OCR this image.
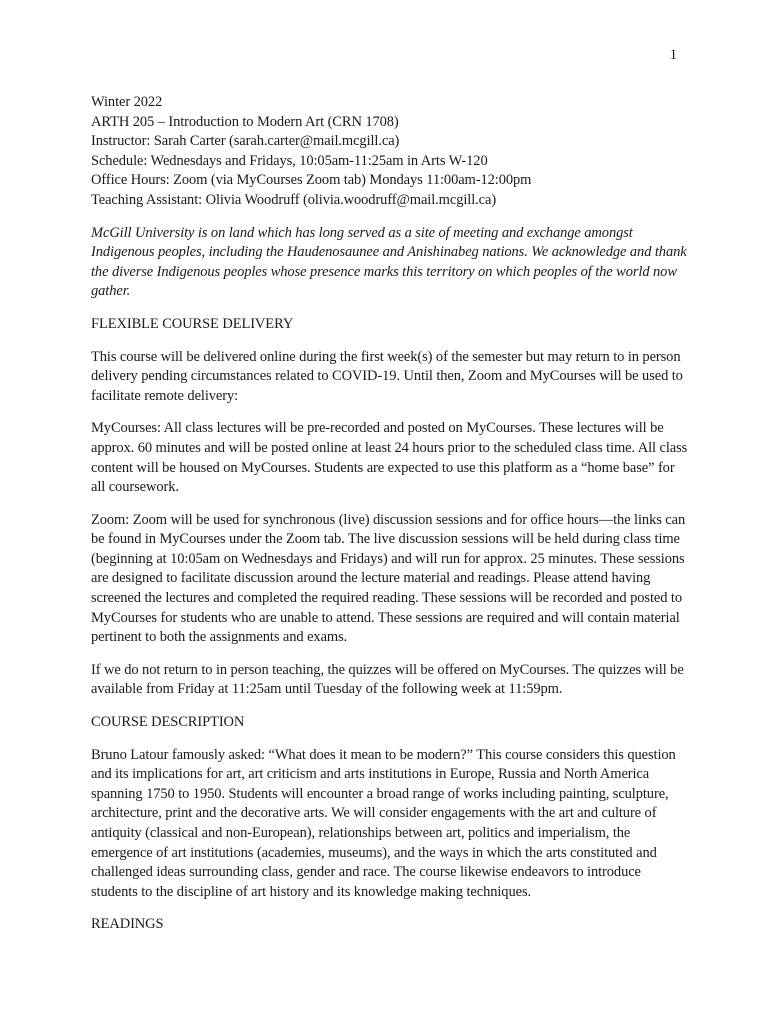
1
Winter 2022
ARTH 205 – Introduction to Modern Art (CRN 1708)
Instructor: Sarah Carter (sarah.carter@mail.mcgill.ca)
Schedule: Wednesdays and Fridays, 10:05am-11:25am in Arts W-120
Office Hours: Zoom (via MyCourses Zoom tab) Mondays 11:00am-12:00pm
Teaching Assistant: Olivia Woodruff (olivia.woodruff@mail.mcgill.ca)
McGill University is on land which has long served as a site of meeting and exchange amongst Indigenous peoples, including the Haudenosaunee and Anishinabeg nations. We acknowledge and thank the diverse Indigenous peoples whose presence marks this territory on which peoples of the world now gather.
FLEXIBLE COURSE DELIVERY

This course will be delivered online during the first week(s) of the semester but may return to in person delivery pending circumstances related to COVID-19. Until then, Zoom and MyCourses will be used to facilitate remote delivery:

MyCourses: All class lectures will be pre-recorded and posted on MyCourses. These lectures will be approx. 60 minutes and will be posted online at least 24 hours prior to the scheduled class time. All class content will be housed on MyCourses. Students are expected to use this platform as a “home base” for all coursework.

Zoom: Zoom will be used for synchronous (live) discussion sessions and for office hours—the links can be found in MyCourses under the Zoom tab. The live discussion sessions will be held during class time (beginning at 10:05am on Wednesdays and Fridays) and will run for approx. 25 minutes. These sessions are designed to facilitate discussion around the lecture material and readings. Please attend having screened the lectures and completed the required reading. These sessions will be recorded and posted to MyCourses for students who are unable to attend. These sessions are required and will contain material pertinent to both the assignments and exams.

If we do not return to in person teaching, the quizzes will be offered on MyCourses. The quizzes will be available from Friday at 11:25am until Tuesday of the following week at 11:59pm.

COURSE DESCRIPTION

Bruno Latour famously asked: “What does it mean to be modern?” This course considers this question and its implications for art, art criticism and arts institutions in Europe, Russia and North America spanning 1750 to 1950. Students will encounter a broad range of works including painting, sculpture, architecture, print and the decorative arts. We will consider engagements with the art and culture of antiquity (classical and non-European), relationships between art, politics and imperialism, the emergence of art institutions (academies, museums), and the ways in which the arts constituted and challenged ideas surrounding class, gender and race. The course likewise endeavors to introduce students to the discipline of art history and its knowledge making techniques.

READINGS
